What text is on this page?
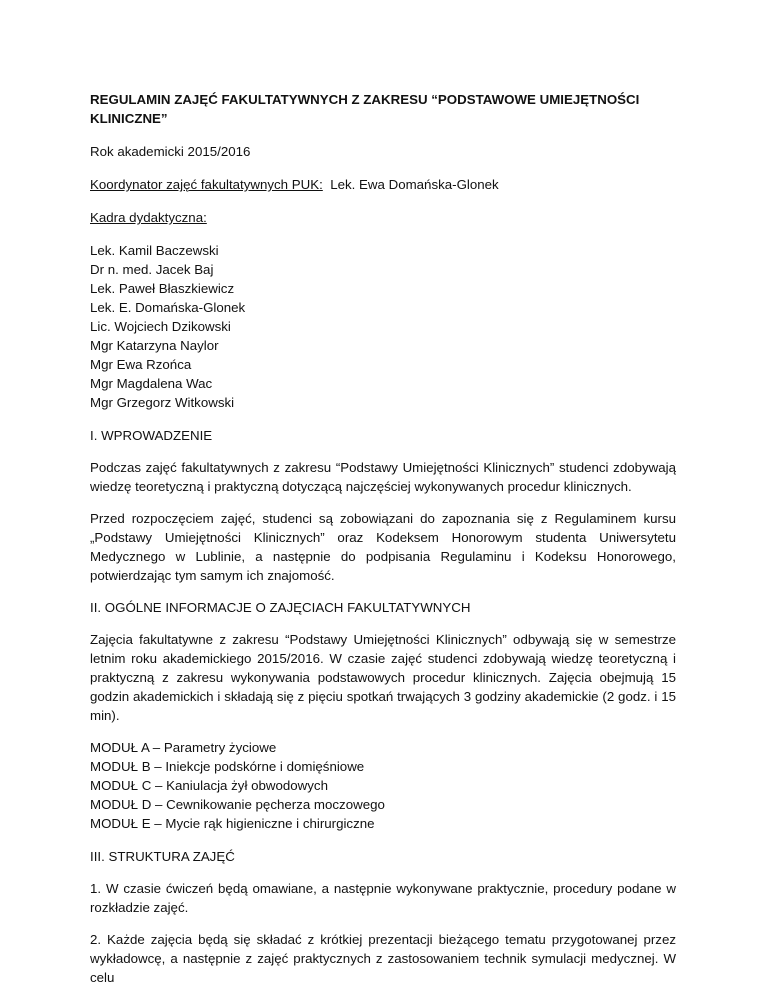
REGULAMIN ZAJĘĆ FAKULTATYWNYCH Z ZAKRESU “PODSTAWOWE UMIEJĘTNOŚCI KLINICZNE”

Rok akademicki 2015/2016

Koordynator zajęć fakultatywnych PUK: Lek. Ewa Domańska-Glonek

Kadra dydaktyczna:

Lek. Kamil Baczewski
Dr n. med. Jacek Baj
Lek. Paweł Błaszkiewicz
Lek. E. Domańska-Glonek
Lic. Wojciech Dzikowski
Mgr Katarzyna Naylor
Mgr Ewa Rzońca
Mgr Magdalena Wac
Mgr Grzegorz Witkowski

I. WPROWADZENIE

Podczas zajęć fakultatywnych z zakresu “Podstawy Umiejętności Klinicznych” studenci zdobywają wiedzę teoretyczną i praktyczną dotyczącą najczęściej wykonywanych procedur klinicznych.

Przed rozpoczęciem zajęć, studenci są zobowiązani do zapoznania się z Regulaminem kursu „Podstawy Umiejętności Klinicznych” oraz Kodeksem Honorowym studenta Uniwersytetu Medycznego w Lublinie, a następnie do podpisania Regulaminu i Kodeksu Honorowego, potwierdzając tym samym ich znajomość.

II. OGÓLNE INFORMACJE O ZAJĘCIACH FAKULTATYWNYCH

Zajęcia fakultatywne z zakresu “Podstawy Umiejętności Klinicznych” odbywają się w semestrze letnim roku akademickiego 2015/2016. W czasie zajęć studenci zdobywają wiedzę teoretyczną i praktyczną z zakresu wykonywania podstawowych procedur klinicznych. Zajęcia obejmują 15 godzin akademickich i składają się z pięciu spotkań trwających 3 godziny akademickie (2 godz. i 15 min).

MODUŁ A – Parametry życiowe
MODUŁ B – Iniekcje podskórne i domięśniowe
MODUŁ C – Kaniulacja żył obwodowych
MODUŁ D – Cewnikowanie pęcherza moczowego
MODUŁ E – Mycie rąk higieniczne i chirurgiczne

III. STRUKTURA ZAJĘĆ

1. W czasie ćwiczeń będą omawiane, a następnie wykonywane praktycznie, procedury podane w rozkładzie zajęć.

2. Każde zajęcia będą się składać z krótkiej prezentacji bieżącego tematu przygotowanej przez wykładowcę, a następnie z zajęć praktycznych z zastosowaniem technik symulacji medycznej. W celu
